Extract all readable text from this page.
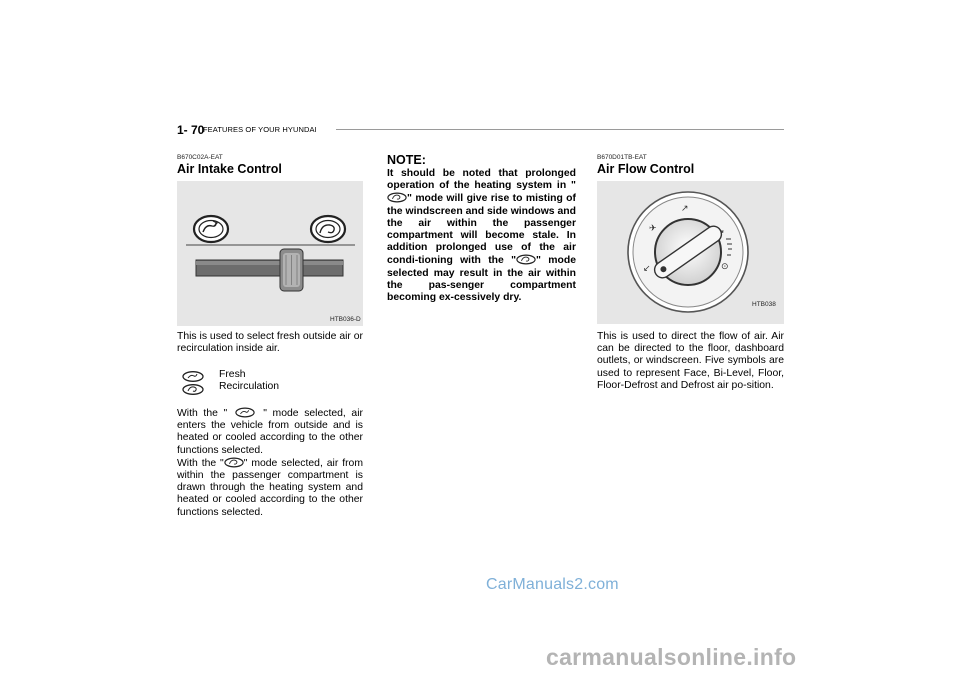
1- 70
FEATURES OF YOUR HYUNDAI
B670C02A-EAT
Air Intake Control
HTB036-D
This is used to select fresh outside air or recirculation inside air.
Fresh
Recirculation
With the "	" mode selected, air enters the vehicle from outside and is heated or cooled according to the other functions selected.
With the " " mode selected, air from within the passenger compartment is drawn through the heating system and heated or cooled according to the other functions selected.
NOTE:
It should be noted that prolonged operation of the heating system in "" mode will give rise to misting of the windscreen and side windows and the air within the passenger compartment will become stale. In addition prolonged use of the air condi-tioning with the " " mode selected may result in the air within the pas-senger compartment becoming ex-cessively dry.
B670D01TB-EAT
Air Flow Control
✈
↗
↘
↙	⊙
HTB038
This is used to direct the flow of air. Air can be directed to the floor, dashboard outlets, or windscreen. Five symbols are used to represent Face, Bi-Level, Floor, Floor-Defrost and Defrost air po-sition.
CarManuals2.com
carmanualsonline.info
